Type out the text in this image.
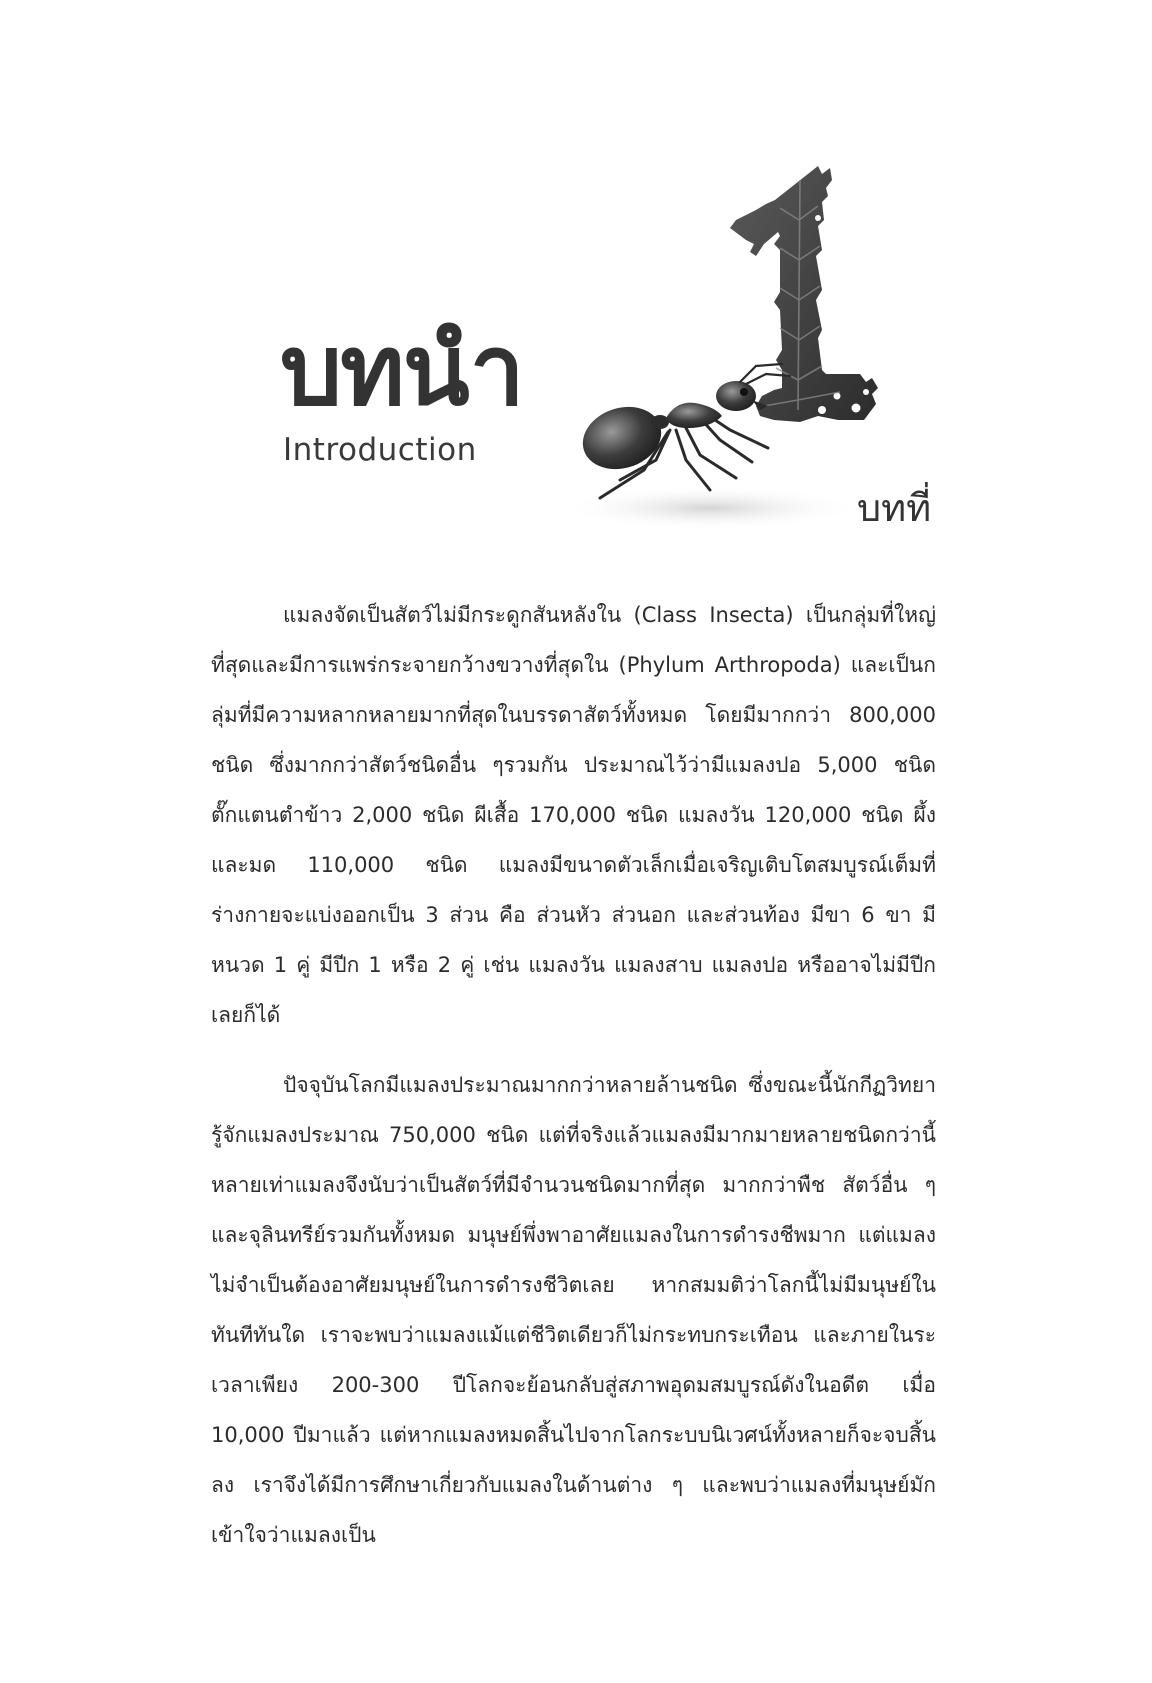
บทนำ
Introduction
บทที่

แมลงจัดเป็นสัตว์ไม่มีกระดูกสันหลังใน (Class Insecta) เป็นกลุ่มที่ใหญ่ที่สุดและมีการแพร่กระจายกว้างขวางที่สุดใน (Phylum Arthropoda) และเป็นกลุ่มที่มีความหลากหลายมากที่สุดในบรรดาสัตว์ทั้งหมด โดยมีมากกว่า 800,000 ชนิด ซึ่งมากกว่าสัตว์ชนิดอื่น ๆรวมกัน ประมาณไว้ว่ามีแมลงปอ 5,000 ชนิด ตั๊กแตนตำข้าว 2,000 ชนิด ผีเสื้อ 170,000 ชนิด แมลงวัน 120,000 ชนิด ผึ้งและมด 110,000 ชนิด แมลงมีขนาดตัวเล็กเมื่อเจริญเติบโตสมบูรณ์เต็มที่ ร่างกายจะแบ่งออกเป็น 3 ส่วน คือ ส่วนหัว ส่วนอก และส่วนท้อง มีขา 6 ขา มีหนวด 1 คู่ มีปีก 1 หรือ 2 คู่ เช่น แมลงวัน แมลงสาบ แมลงปอ หรืออาจไม่มีปีกเลยก็ได้

ปัจจุบันโลกมีแมลงประมาณมากกว่าหลายล้านชนิด ซึ่งขณะนี้นักกีฏวิทยารู้จักแมลงประมาณ 750,000 ชนิด แต่ที่จริงแล้วแมลงมีมากมายหลายชนิดกว่านี้หลายเท่าแมลงจึงนับว่าเป็นสัตว์ที่มีจำนวนชนิดมากที่สุด มากกว่าพืช สัตว์อื่น ๆ และจุลินทรีย์รวมกันทั้งหมด มนุษย์พึ่งพาอาศัยแมลงในการดำรงชีพมาก แต่แมลงไม่จำเป็นต้องอาศัยมนุษย์ในการดำรงชีวิตเลย หากสมมติว่าโลกนี้ไม่มีมนุษย์ในทันทีทันใด เราจะพบว่าแมลงแม้แต่ชีวิตเดียวก็ไม่กระทบกระเทือน และภายในระเวลาเพียง 200-300 ปีโลกจะย้อนกลับสู่สภาพอุดมสมบูรณ์ดังในอดีต เมื่อ 10,000 ปีมาแล้ว แต่หากแมลงหมดสิ้นไปจากโลกระบบนิเวศน์ทั้งหลายก็จะจบสิ้นลง เราจึงได้มีการศึกษาเกี่ยวกับแมลงในด้านต่าง ๆ และพบว่าแมลงที่มนุษย์มักเข้าใจว่าแมลงเป็น
